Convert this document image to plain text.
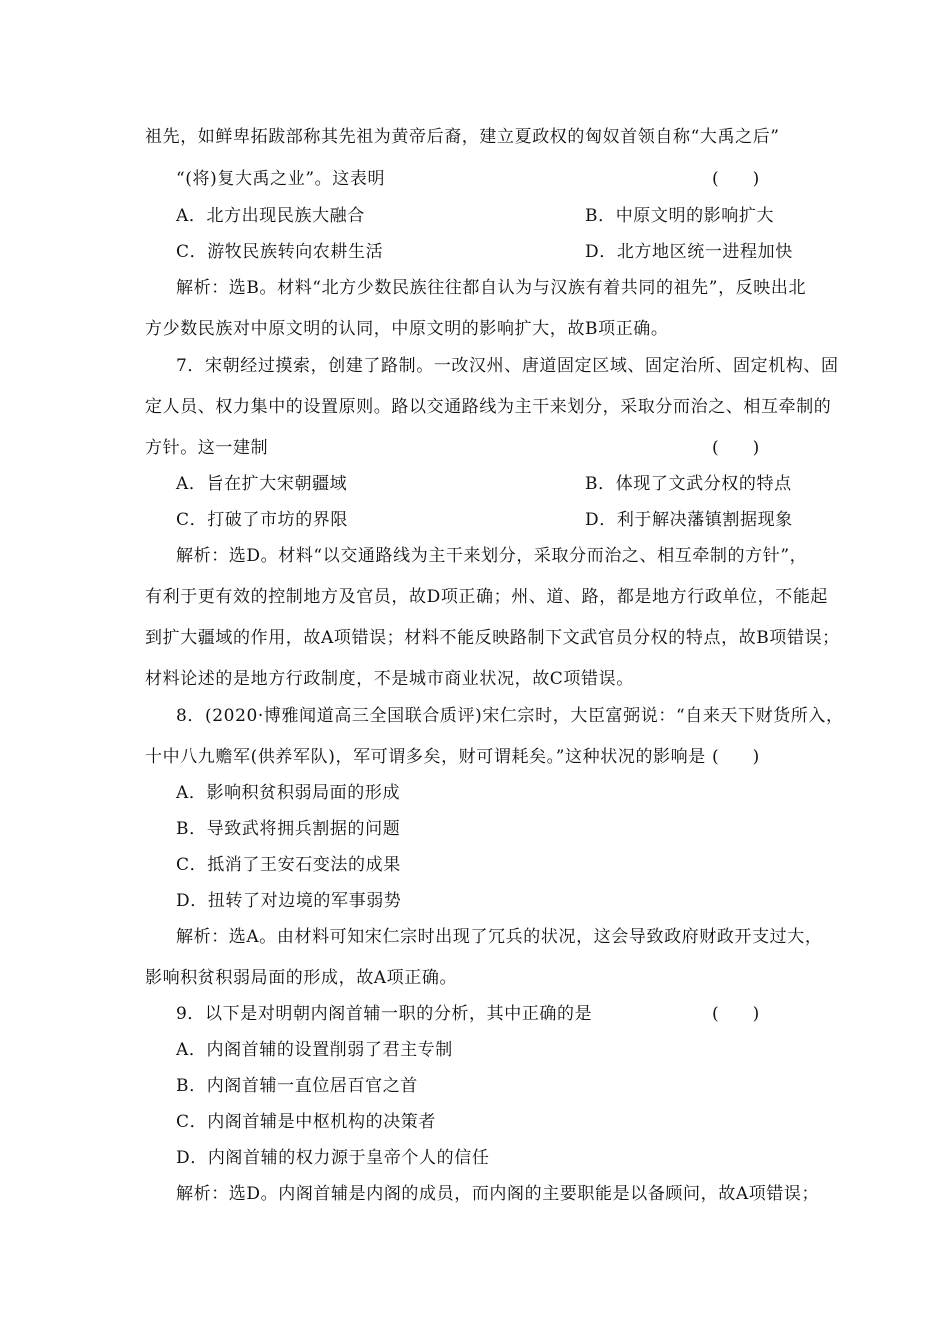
祖先，如鲜卑拓跋部称其先祖为黄帝后裔，建立夏政权的匈奴首领自称“大禹之后”
“(将)复大禹之业”。这表明	(　　)
A．北方出现民族大融合	B．中原文明的影响扩大
C．游牧民族转向农耕生活	D．北方地区统一进程加快
解析：选B。材料“北方少数民族往往都自认为与汉族有着共同的祖先”，反映出北
方少数民族对中原文明的认同，中原文明的影响扩大，故B项正确。
7．宋朝经过摸索，创建了路制。一改汉州、唐道固定区域、固定治所、固定机构、固
定人员、权力集中的设置原则。路以交通路线为主干来划分，采取分而治之、相互牵制的
方针。这一建制	(　　)
A．旨在扩大宋朝疆域	B．体现了文武分权的特点
C．打破了市坊的界限	D．利于解决藩镇割据现象
解析：选D。材料“以交通路线为主干来划分，采取分而治之、相互牵制的方针”，
有利于更有效的控制地方及官员，故D项正确；州、道、路，都是地方行政单位，不能起
到扩大疆域的作用，故A项错误；材料不能反映路制下文武官员分权的特点，故B项错误；
材料论述的是地方行政制度，不是城市商业状况，故C项错误。
8．(2020·博雅闻道高三全国联合质评)宋仁宗时，大臣富弼说：“自来天下财货所入，
十中八九赡军(供养军队)，军可谓多矣，财可谓耗矣。”这种状况的影响是 (　　)
A．影响积贫积弱局面的形成
B．导致武将拥兵割据的问题
C．抵消了王安石变法的成果
D．扭转了对边境的军事弱势
解析：选A。由材料可知宋仁宗时出现了冗兵的状况，这会导致政府财政开支过大，
影响积贫积弱局面的形成，故A项正确。
9．以下是对明朝内阁首辅一职的分析，其中正确的是	(　　)
A．内阁首辅的设置削弱了君主专制
B．内阁首辅一直位居百官之首
C．内阁首辅是中枢机构的决策者
D．内阁首辅的权力源于皇帝个人的信任
解析：选D。内阁首辅是内阁的成员，而内阁的主要职能是以备顾问，故A项错误；
